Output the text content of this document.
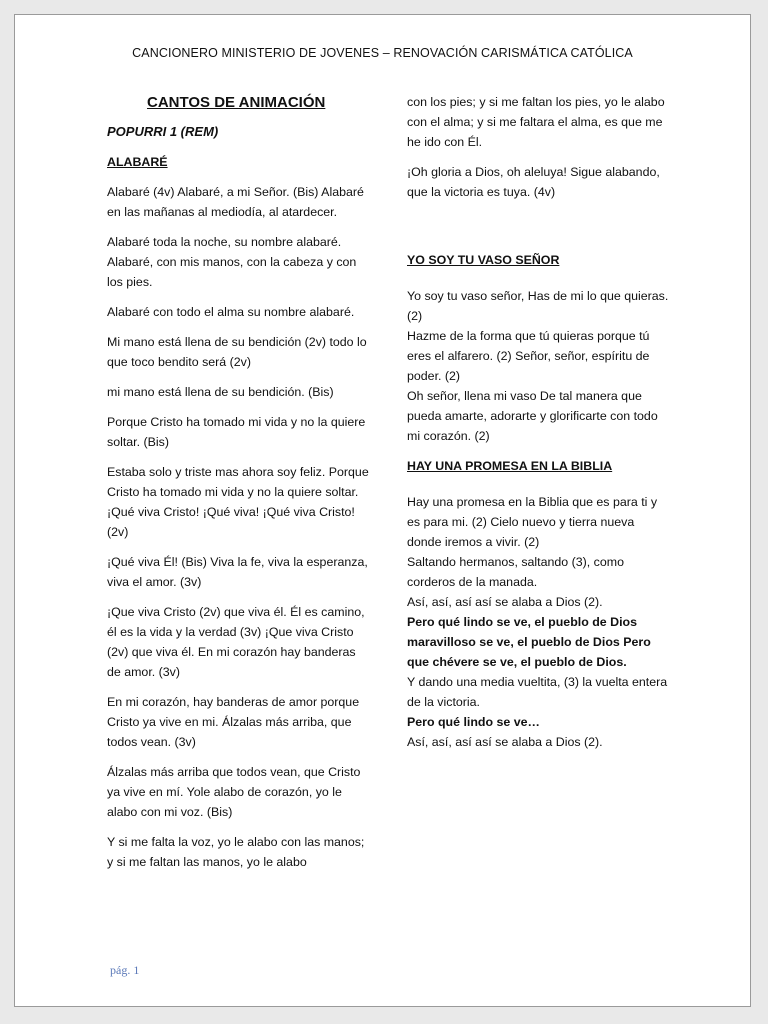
CANCIONERO MINISTERIO DE JOVENES – RENOVACIÓN CARISMÁTICA CATÓLICA
CANTOS DE ANIMACIÓN
POPURRI 1 (REM)
ALABARÉ

Alabaré (4v) Alabaré, a mi Señor. (Bis) Alabaré en las mañanas al mediodía, al atardecer.

Alabaré toda la noche, su nombre alabaré. Alabaré, con mis manos, con la cabeza y con los pies.

Alabaré con todo el alma su nombre alabaré.

Mi mano está llena de su bendición (2v) todo lo que toco bendito será (2v)

mi mano está llena de su bendición. (Bis)

Porque Cristo ha tomado mi vida y no la quiere soltar. (Bis)

Estaba solo y triste mas ahora soy feliz. Porque Cristo ha tomado mi vida y no la quiere soltar. ¡Qué viva Cristo! ¡Qué viva! ¡Qué viva Cristo! (2v)

¡Qué viva Él! (Bis) Viva la fe, viva la esperanza, viva el amor. (3v)

¡Que viva Cristo (2v) que viva él. Él es camino, él es la vida y la verdad (3v) ¡Que viva Cristo (2v) que viva él. En mi corazón hay banderas de amor. (3v)

En mi corazón, hay banderas de amor porque Cristo ya vive en mi. Álzalas más arriba, que todos vean. (3v)

Álzalas más arriba que todos vean, que Cristo ya vive en mí. Yole alabo de corazón, yo le alabo con mi voz. (Bis)

Y si me falta la voz, yo le alabo con las manos; y si me faltan las manos, yo le alabo

con los pies; y si me faltan los pies, yo le alabo con el alma; y si me faltara el alma, es que me he ido con Él.

¡Oh gloria a Dios, oh aleluya! Sigue alabando, que la victoria es tuya. (4v)

YO SOY TU VASO SEÑOR
Yo soy tu vaso señor, Has de mi lo que quieras. (2)
Hazme de la forma que tú quieras porque tú eres el alfarero. (2) Señor, señor, espíritu de poder. (2)
Oh señor, llena mi vaso De tal manera que pueda amarte, adorarte y glorificarte con todo mi corazón. (2)
HAY UNA PROMESA EN LA BIBLIA
Hay una promesa en la Biblia que es para ti y es para mi. (2) Cielo nuevo y tierra nueva donde iremos a vivir. (2)
Saltando hermanos, saltando (3), como corderos de la manada.
Así, así, así así se alaba a Dios (2).
Pero qué lindo se ve, el pueblo de Dios maravilloso se ve, el pueblo de Dios Pero que chévere se ve, el pueblo de Dios.
Y dando una media vueltita, (3) la vuelta entera de la victoria.
Pero qué lindo se ve…
Así, así, así así se alaba a Dios (2).
pág. 1
